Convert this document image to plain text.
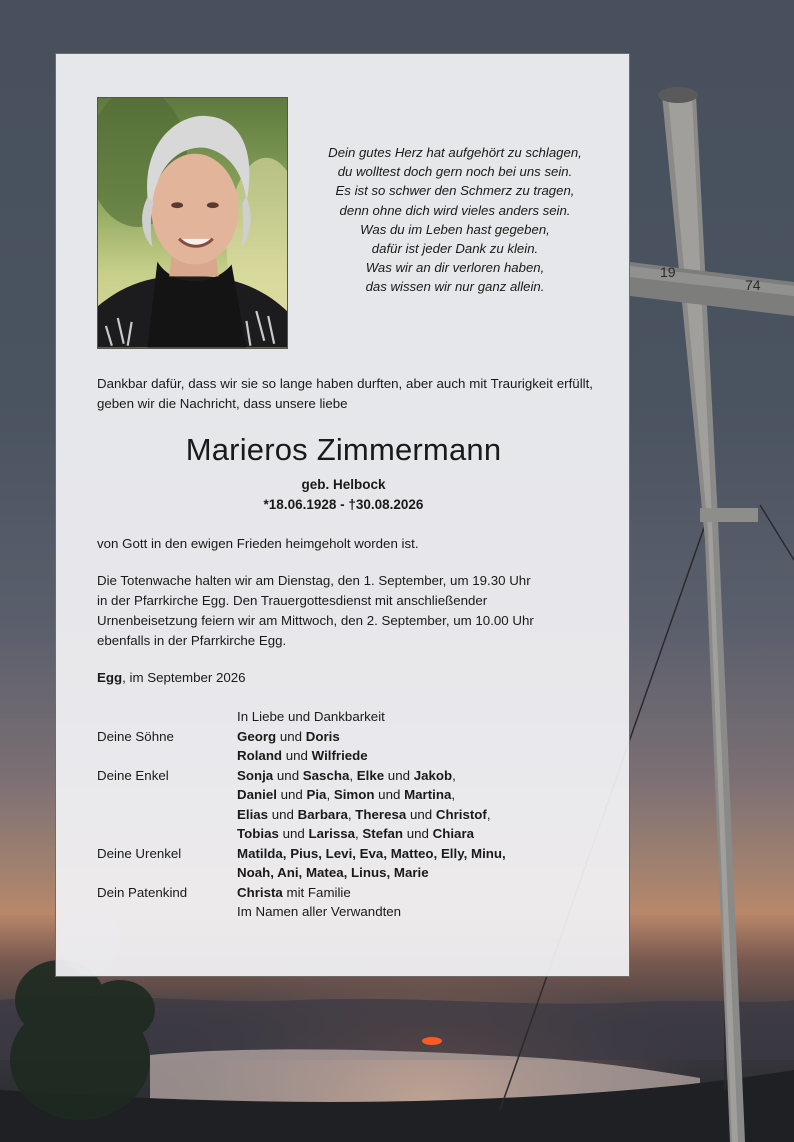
19
74
Dein gutes Herz hat aufgehört zu schlagen,
du wolltest doch gern noch bei uns sein.
Es ist so schwer den Schmerz zu tragen,
denn ohne dich wird vieles anders sein.
Was du im Leben hast gegeben,
dafür ist jeder Dank zu klein.
Was wir an dir verloren haben,
das wissen wir nur ganz allein.
Dankbar dafür, dass wir sie so lange haben durften, aber auch mit Traurigkeit erfüllt, geben wir die Nachricht, dass unsere liebe
Marieros Zimmermann
geb. Helbock
*18.06.1928 - †30.08.2026
von Gott in den ewigen Frieden heimgeholt worden ist.
Die Totenwache halten wir am Dienstag, den 1. September, um 19.30 Uhr
in der Pfarrkirche Egg. Den Trauergottesdienst mit anschließender
Urnenbeisetzung feiern wir am Mittwoch, den 2. September, um 10.00 Uhr
ebenfalls in der Pfarrkirche Egg.
Egg, im September 2026
In Liebe und Dankbarkeit
Deine Söhne	Georg und Doris
Roland und Wilfriede
Deine Enkel	Sonja und Sascha, Elke und Jakob,
Daniel und Pia, Simon und Martina,
Elias und Barbara, Theresa und Christof,
Tobias und Larissa, Stefan und Chiara
Deine Urenkel	Matilda, Pius, Levi, Eva, Matteo, Elly, Minu,
Noah, Ani, Matea, Linus, Marie
Dein Patenkind	Christa mit Familie
Im Namen aller Verwandten
